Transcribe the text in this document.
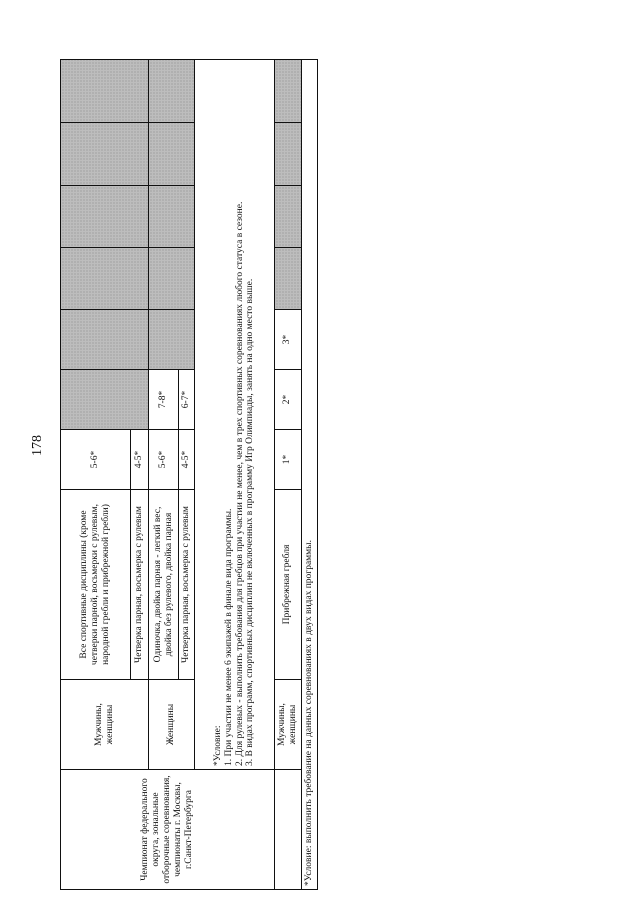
178
Чемпионат федерального округа, зональные отборочные соревнования, чемпионаты г. Москвы, г.Санкт-Петербурга	Мужчины, женщины	Все спортивные дисциплины (кроме четверки парной, восьмерки с рулевым, народной гребли и прибрежной гребли)	5-6*						
		Четверка парная, восьмерка с рулевым	4-5*						
	Женщины	Одиночка, двойка парная - легкий вес, двойка без рулевого, двойка парная	5-6*	7-8*					
		Четверка парная, восьмерка с рулевым	4-5*	6-7*					

	*Условие: 1. При участии не менее 6 экипажей в финале вида программы. 2. Для рулевых - выполнить требования для гребцов при участии не менее, чем в трех спортивных соревнованиях любого статуса в сезоне. 3. В видах программ, спортивных дисциплин не включенных в программу Игр Олимпиады, занять на одно место выше.								

	Мужчины, женщины	Прибрежная гребля	1*	2*	3*				
*Условие: выполнить требование на данных соревнованиях в двух видах программы.									
